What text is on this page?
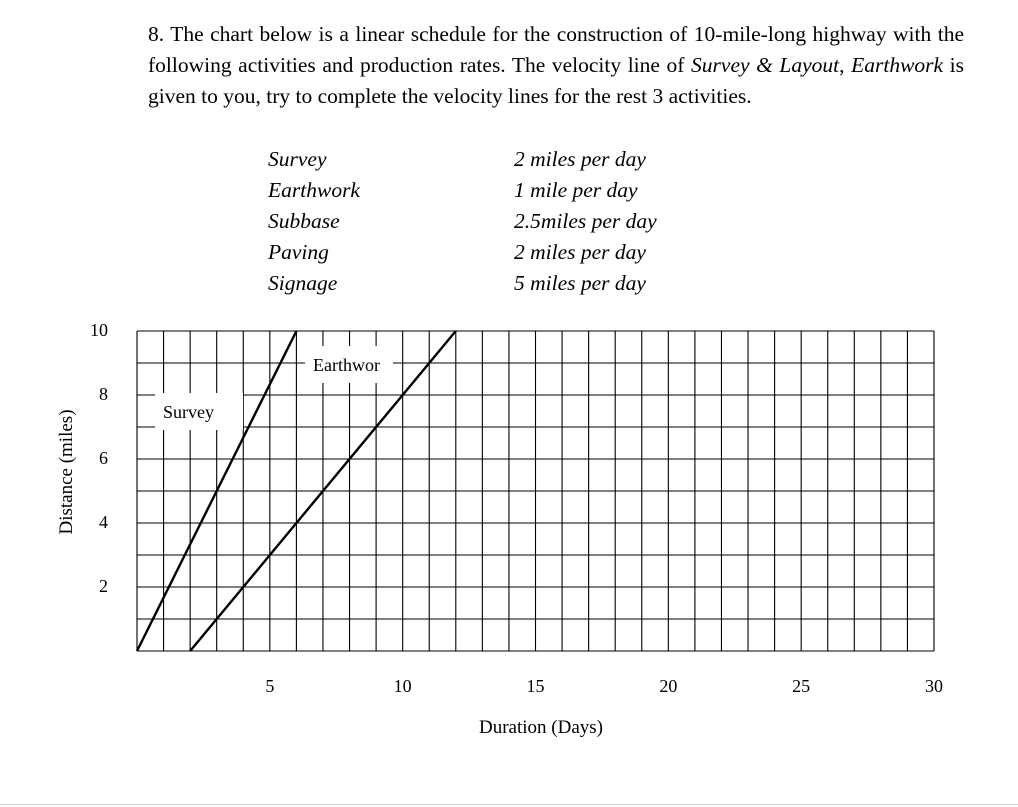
8. The chart below is a linear schedule for the construction of 10-mile-long highway with the following activities and production rates. The velocity line of Survey & Layout, Earthwork is given to you, try to complete the velocity lines for the rest 3 activities.

Survey	2 miles per day
Earthwork	1 mile per day
Subbase	2.5miles per day
Paving	2 miles per day
Signage	5 miles per day
5	10	15	20	25	30
2
4
6
8
10
Survey
Earthwor
Duration (Days)
Distance (miles)
